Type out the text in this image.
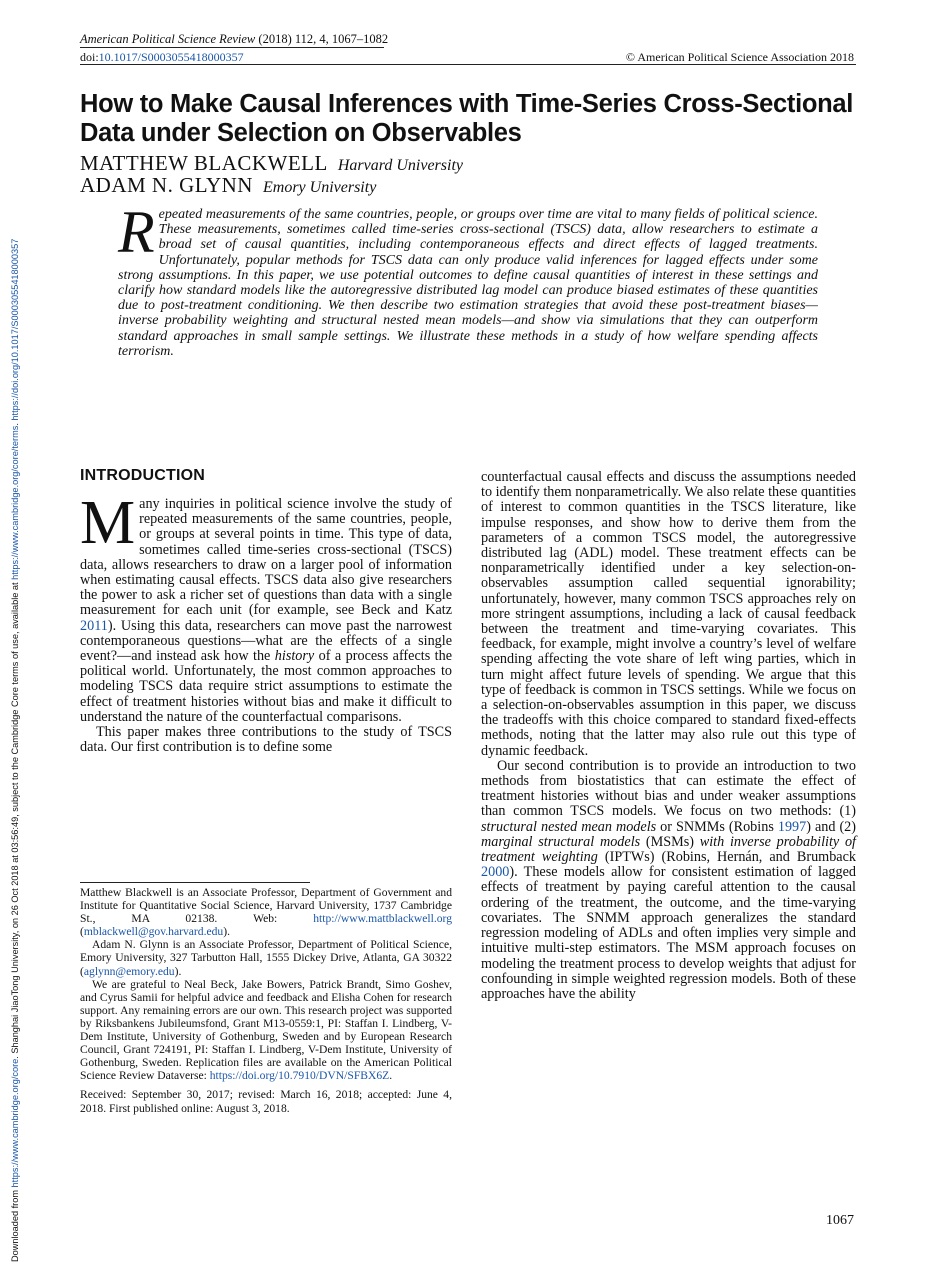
American Political Science Review (2018) 112, 4, 1067–1082
doi:10.1017/S0003055418000357	© American Political Science Association 2018
Downloaded from https://www.cambridge.org/core. Shanghai JiaoTong University, on 26 Oct 2018 at 03:56:49, subject to the Cambridge Core terms of use, available at https://www.cambridge.org/core/terms. https://doi.org/10.1017/S0003055418000357
How to Make Causal Inferences with Time-Series Cross-Sectional
Data under Selection on Observables
MATTHEW BLACKWELL Harvard University
ADAM N. GLYNN Emory University
Repeated measurements of the same countries, people, or groups over time are vital to many fields of political science. These measurements, sometimes called time-series cross-sectional (TSCS) data, allow researchers to estimate a broad set of causal quantities, including contemporaneous effects and direct effects of lagged treatments. Unfortunately, popular methods for TSCS data can only produce valid inferences for lagged effects under some strong assumptions. In this paper, we use potential outcomes to define causal quantities of interest in these settings and clarify how standard models like the autoregressive distributed lag model can produce biased estimates of these quantities due to post-treatment conditioning. We then describe two estimation strategies that avoid these post-treatment biases—inverse probability weighting and structural nested mean models—and show via simulations that they can outperform standard approaches in small sample settings. We illustrate these methods in a study of how welfare spending affects terrorism.
INTRODUCTION

Many inquiries in political science involve the study of repeated measurements of the same countries, people, or groups at several points in time. This type of data, sometimes called time-series cross-sectional (TSCS) data, allows researchers to draw on a larger pool of information when estimating causal effects. TSCS data also give researchers the power to ask a richer set of questions than data with a single measurement for each unit (for example, see Beck and Katz 2011). Using this data, researchers can move past the narrowest contemporaneous questions—what are the effects of a single event?—and instead ask how the history of a process affects the political world. Unfortunately, the most common approaches to modeling TSCS data require strict assumptions to estimate the effect of treatment histories without bias and make it difficult to understand the nature of the counterfactual comparisons.

This paper makes three contributions to the study of TSCS data. Our first contribution is to define some

Matthew Blackwell is an Associate Professor, Department of Government and Institute for Quantitative Social Science, Harvard University, 1737 Cambridge St., MA 02138. Web: http://www.mattblackwell.org (mblackwell@gov.harvard.edu).

Adam N. Glynn is an Associate Professor, Department of Political Science, Emory University, 327 Tarbutton Hall, 1555 Dickey Drive, Atlanta, GA 30322 (aglynn@emory.edu).

We are grateful to Neal Beck, Jake Bowers, Patrick Brandt, Simo Goshev, and Cyrus Samii for helpful advice and feedback and Elisha Cohen for research support. Any remaining errors are our own. This research project was supported by Riksbankens Jubileumsfond, Grant M13-0559:1, PI: Staffan I. Lindberg, V-Dem Institute, University of Gothenburg, Sweden and by European Research Council, Grant 724191, PI: Staffan I. Lindberg, V-Dem Institute, University of Gothenburg, Sweden. Replication files are available on the American Political Science Review Dataverse: https://doi.org/10.7910/DVN/SFBX6Z.

Received: September 30, 2017; revised: March 16, 2018; accepted: June 4, 2018. First published online: August 3, 2018.

counterfactual causal effects and discuss the assumptions needed to identify them nonparametrically. We also relate these quantities of interest to common quantities in the TSCS literature, like impulse responses, and show how to derive them from the parameters of a common TSCS model, the autoregressive distributed lag (ADL) model. These treatment effects can be nonparametrically identified under a key selection-on-observables assumption called sequential ignorability; unfortunately, however, many common TSCS approaches rely on more stringent assumptions, including a lack of causal feedback between the treatment and time-varying covariates. This feedback, for example, might involve a country’s level of welfare spending affecting the vote share of left wing parties, which in turn might affect future levels of spending. We argue that this type of feedback is common in TSCS settings. While we focus on a selection-on-observables assumption in this paper, we discuss the tradeoffs with this choice compared to standard fixed-effects methods, noting that the latter may also rule out this type of dynamic feedback.

Our second contribution is to provide an introduction to two methods from biostatistics that can estimate the effect of treatment histories without bias and under weaker assumptions than common TSCS models. We focus on two methods: (1) structural nested mean models or SNMMs (Robins 1997) and (2) marginal structural models (MSMs) with inverse probability of treatment weighting (IPTWs) (Robins, Hernán, and Brumback 2000). These models allow for consistent estimation of lagged effects of treatment by paying careful attention to the causal ordering of the treatment, the outcome, and the time-varying covariates. The SNMM approach generalizes the standard regression modeling of ADLs and often implies very simple and intuitive multi-step estimators. The MSM approach focuses on modeling the treatment process to develop weights that adjust for confounding in simple weighted regression models. Both of these approaches have the ability

1067
